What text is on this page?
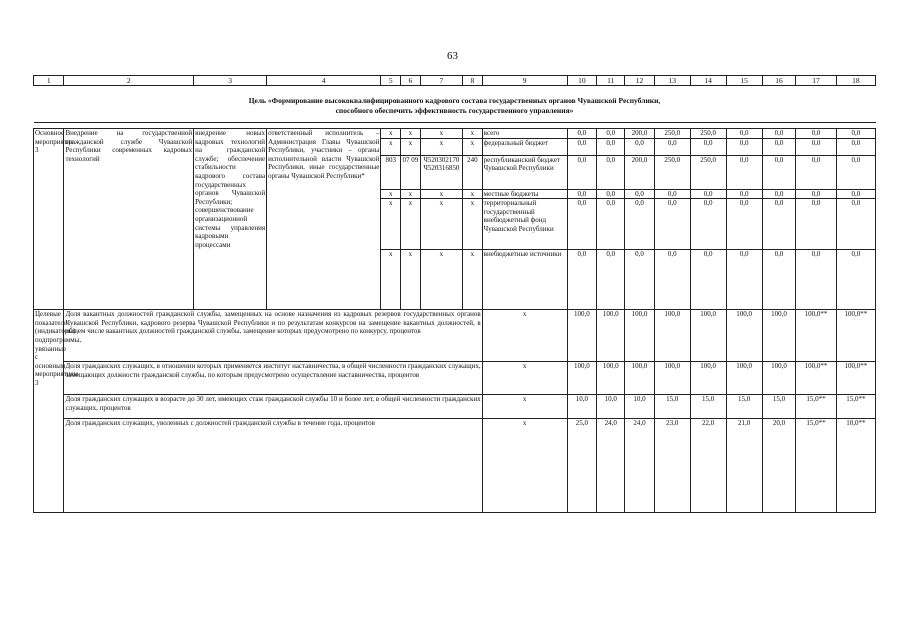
63
1	2	3	4	5	6	7	8	9	10	11	12	13	14	15	16	17	18

Цель «Формирование высококвалифицированного кадрового состава государственных органов Чувашской Республики,
способного обеспечить эффективность государственного управления»																	

Основное мероприятие 3	Внедрение на государственной гражданской службе Чувашской Республики современных кадровых технологий	внедрение новых кадровых технологий на гражданской службе; обеспечение стабильности кадрового состава государственных органов Чувашской Республики; совершенствование организационной системы управления кадровыми процессами	ответственный исполнитель – Администрация Главы Чувашской Республики, участники – органы исполнительной власти Чувашской Республики, иные государственные органы Чувашской Республики*	x	x	x	x	всего	0,0	0,0	200,0	250,0	250,0	0,0	0,0	0,0	0,0
				x	x	x	x	федеральный бюджет	0,0	0,0	0,0	0,0	0,0	0,0	0,0	0,0	0,0
				803	07 09	Ч520302170 Ч520316850	240	республиканский бюджет Чувашской Республики	0,0	0,0	200,0	250,0	250,0	0,0	0,0	0,0	0,0
				x	x	x	x	местные бюджеты	0,0	0,0	0,0	0,0	0,0	0,0	0,0	0,0	0,0
				x	x	x	x	территориальный государственный внебюджетный фонд Чувашской Республики	0,0	0,0	0,0	0,0	0,0	0,0	0,0	0,0	0,0
				x	x	x	x	внебюджетные источники	0,0	0,0	0,0	0,0	0,0	0,0	0,0	0,0	0,0
Целевые показатели (индикаторы) подпрограммы, увязанные с основным мероприятием 3	Доля вакантных должностей гражданской службы, замещенных на основе назначения из кадровых резервов государственных органов Чувашской Республики, кадрового резерва Чувашской Республики и по результатам конкурсов на замещение вакантных должностей, в общем числе вакантных должностей гражданской службы, замещение которых предусмотрено по конкурсу, процентов							x	100,0	100,0	100,0	100,0	100,0	100,0	100,0	100,0**	100,0**
	Доля гражданских служащих, в отношении которых применяется институт наставничества, в общей численности гражданских служащих, замещающих должности гражданской службы, по которым предусмотрено осуществление наставничества, процентов							x	100,0	100,0	100,0	100,0	100,0	100,0	100,0	100,0**	100,0**
	Доля гражданских служащих в возрасте до 30 лет, имеющих стаж гражданской службы 10 и более лет, в общей численности гражданских служащих, процентов							x	10,0	10,0	10,0	15,0	15,0	15,0	15,0	15,0**	15,0**
	Доля гражданских служащих, уволенных с должностей гражданской службы в течение года, процентов							x	25,0	24,0	24,0	23,0	22,0	21,0	20,0	15,0**	10,0**
